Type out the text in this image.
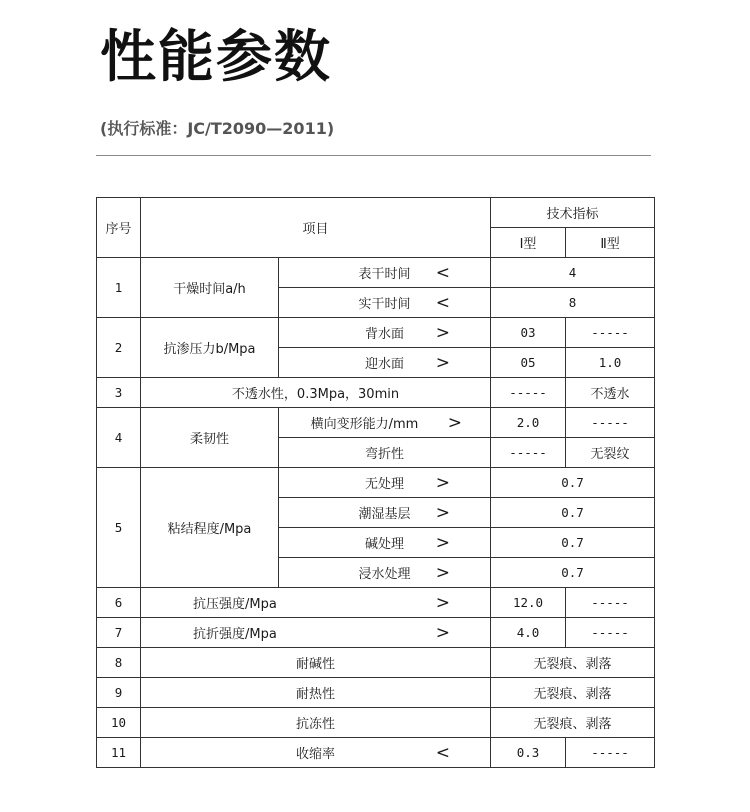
性能参数
(执行标准：JC/T2090—2011)
序号	项目		技术指标	
			Ⅰ型	Ⅱ型
1	干燥时间a/h	表干时间 <	4	
		实干时间 <	8	
2	抗渗压力b/Mpa	背水面 >	03	-----
		迎水面 >	05	1.0
3	不透水性，0.3Mpa，30min		-----	不透水
4	柔韧性	横向变形能力/mm >	2.0	-----
		弯折性	-----	无裂纹
5	粘结程度/Mpa	无处理 >	0.7	
		潮湿基层 >	0.7	
		碱处理 >	0.7	
		浸水处理 >	0.7	
6	抗压强度/Mpa >		12.0	-----
7	抗折强度/Mpa >		4.0	-----
8	耐碱性		无裂痕、剥落	
9	耐热性		无裂痕、剥落	
10	抗冻性		无裂痕、剥落	
11	收缩率 <		0.3	-----
